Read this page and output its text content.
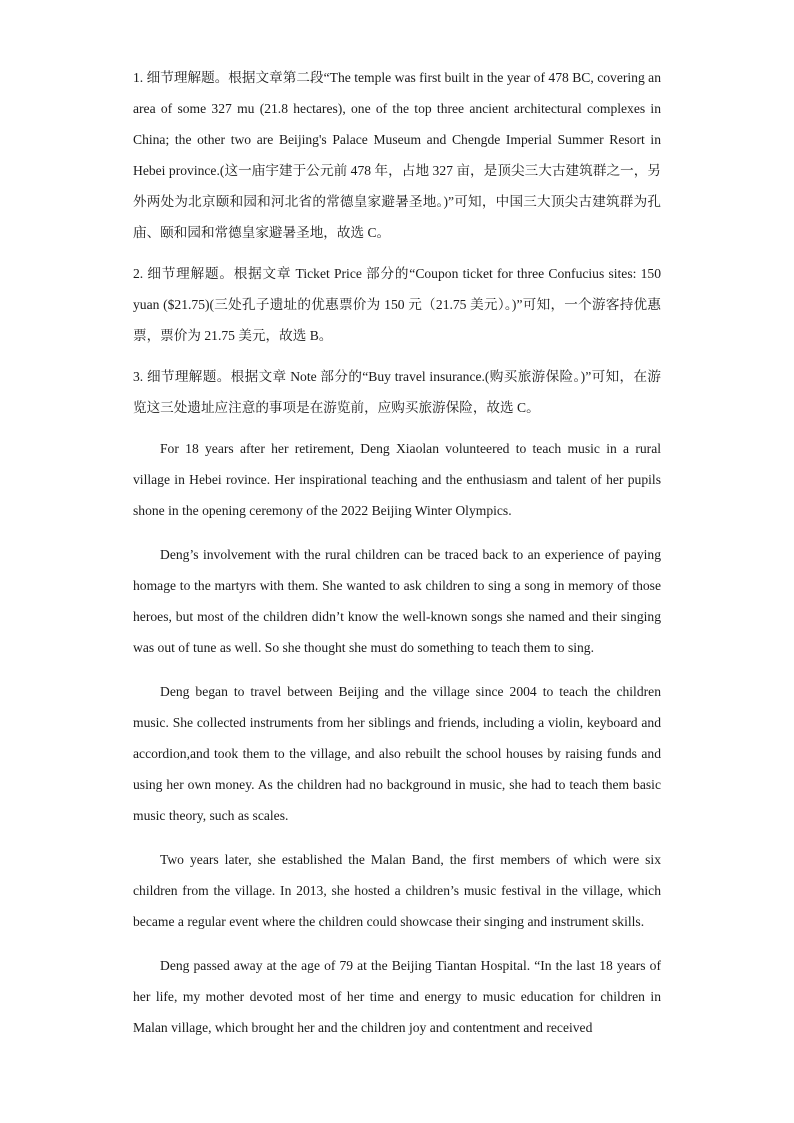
1. 细节理解题。根据文章第二段“The temple was first built in the year of 478 BC, covering an area of some 327 mu (21.8 hectares), one of the top three ancient architectural complexes in China; the other two are Beijing's Palace Museum and Chengde Imperial Summer Resort in Hebei province.(这一庙宇建于公元前 478 年，占地 327 亩，是顶尖三大古建筑群之一，另外两处为北京颐和园和河北省的常德皇家避暑圣地。)”可知，中国三大顶尖古建筑群为孔庙、颐和园和常德皇家避暑圣地，故选 C。

2. 细节理解题。根据文章 Ticket Price 部分的“Coupon ticket for three Confucius sites: 150 yuan ($21.75)(三处孔子遗址的优惠票价为 150 元（21.75 美元）。)”可知，一个游客持优惠票，票价为 21.75 美元，故选 B。

3. 细节理解题。根据文章 Note 部分的“Buy travel insurance.(购买旅游保险。)”可知，在游览这三处遗址应注意的事项是在游览前，应购买旅游保险，故选 C。

For 18 years after her retirement, Deng Xiaolan volunteered to teach music in a rural village in Hebei rovince. Her inspirational teaching and the enthusiasm and talent of her pupils shone in the opening ceremony of the 2022 Beijing Winter Olympics.

Deng’s involvement with the rural children can be traced back to an experience of paying homage to the martyrs with them. She wanted to ask children to sing a song in memory of those heroes, but most of the children didn’t know the well-known songs she named and their singing was out of tune as well. So she thought she must do something to teach them to sing.

Deng began to travel between Beijing and the village since 2004 to teach the children music. She collected instruments from her siblings and friends, including a violin, keyboard and accordion,and took them to the village, and also rebuilt the school houses by raising funds and using her own money. As the children had no background in music, she had to teach them basic music theory, such as scales.

Two years later, she established the Malan Band, the first members of which were six children from the village. In 2013, she hosted a children’s music festival in the village, which became a regular event where the children could showcase their singing and instrument skills.

Deng passed away at the age of 79 at the Beijing Tiantan Hospital. “In the last 18 years of her life, my mother devoted most of her time and energy to music education for children in Malan village, which brought her and the children joy and contentment and received
